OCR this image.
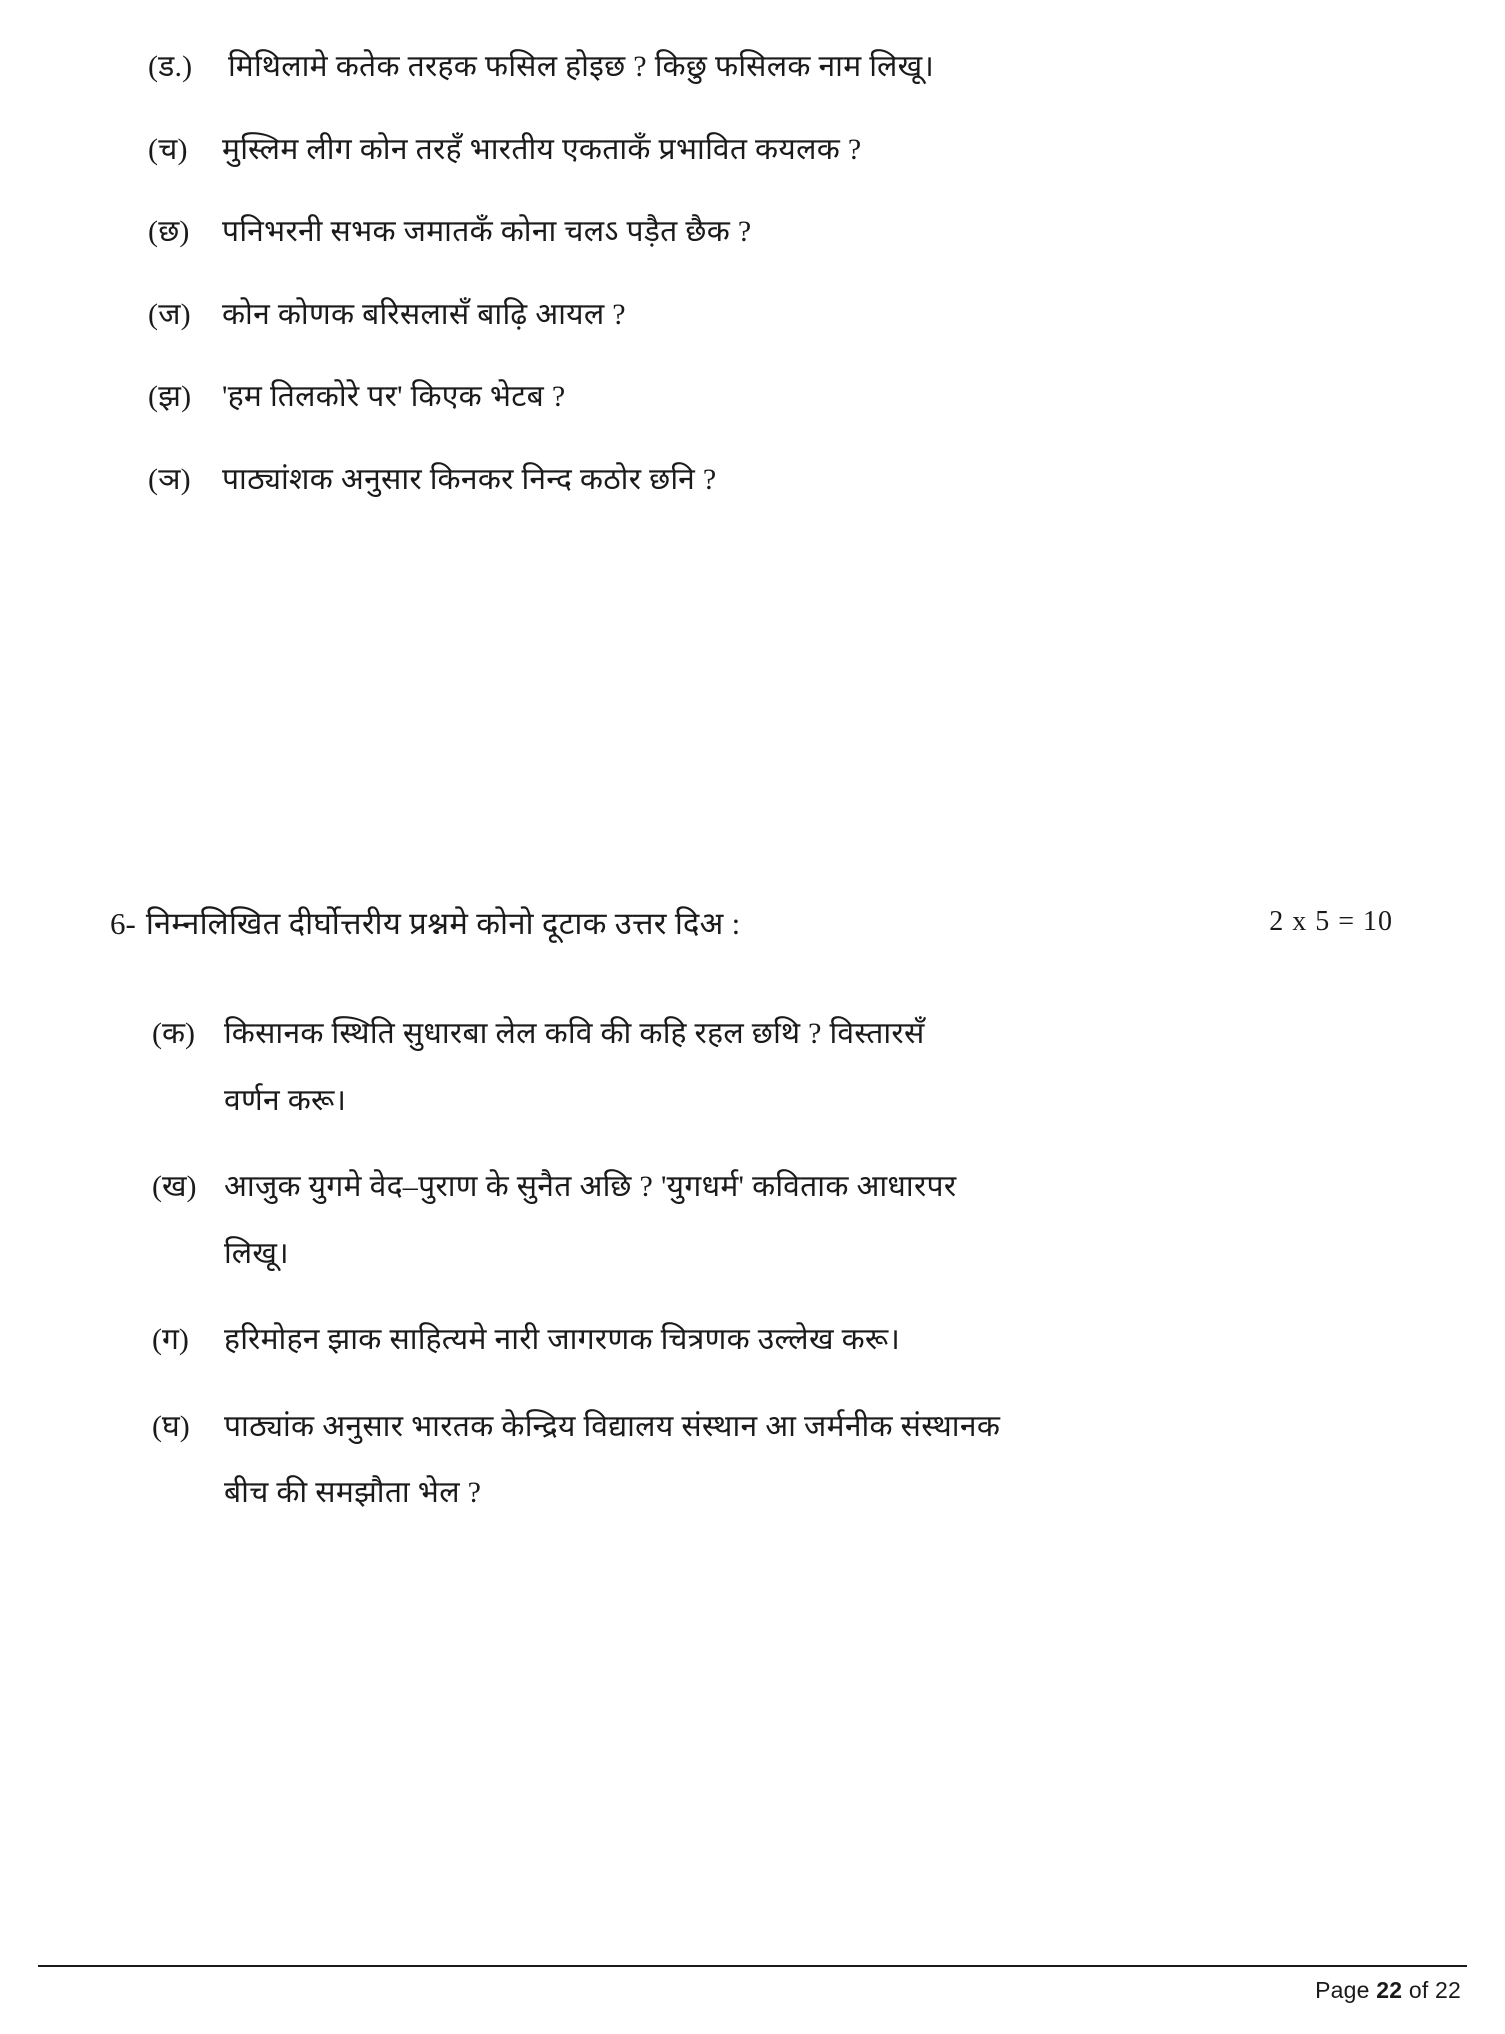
(ड.)	मिथिलामे कतेक तरहक फसिल होइछ ? किछु फसिलक नाम लिखू।
(च)	मुस्लिम लीग कोन तरहँ भारतीय एकताकँ प्रभावित कयलक ?
(छ)	पनिभरनी सभक जमातकँ कोना चलऽ पड़ैत छैक ?
(ज)	कोन कोणक बरिसलासँ बाढ़ि आयल ?
(झ)	'हम तिलकोरे पर' किएक भेटब ?
(ञ)	पाठ्यांशक अनुसार किनकर निन्द कठोर छनि ?
6- निम्नलिखित दीर्घोत्तरीय प्रश्नमे कोनो दूटाक उत्तर दिअ :	2 x 5 = 10
(क) किसानक स्थिति सुधारबा लेल कवि की कहि रहल छथि ? विस्तारसँ
वर्णन करू।
(ख) आजुक युगमे वेद–पुराण के सुनैत अछि ? 'युगधर्म' कविताक आधारपर
लिखू।
(ग)	हरिमोहन झाक साहित्यमे नारी जागरणक चित्रणक उल्लेख करू।
(घ)	पाठ्यांक अनुसार भारतक केन्द्रिय विद्यालय संस्थान आ जर्मनीक संस्थानक
बीच की समझौता भेल ?
Page 22 of 22
